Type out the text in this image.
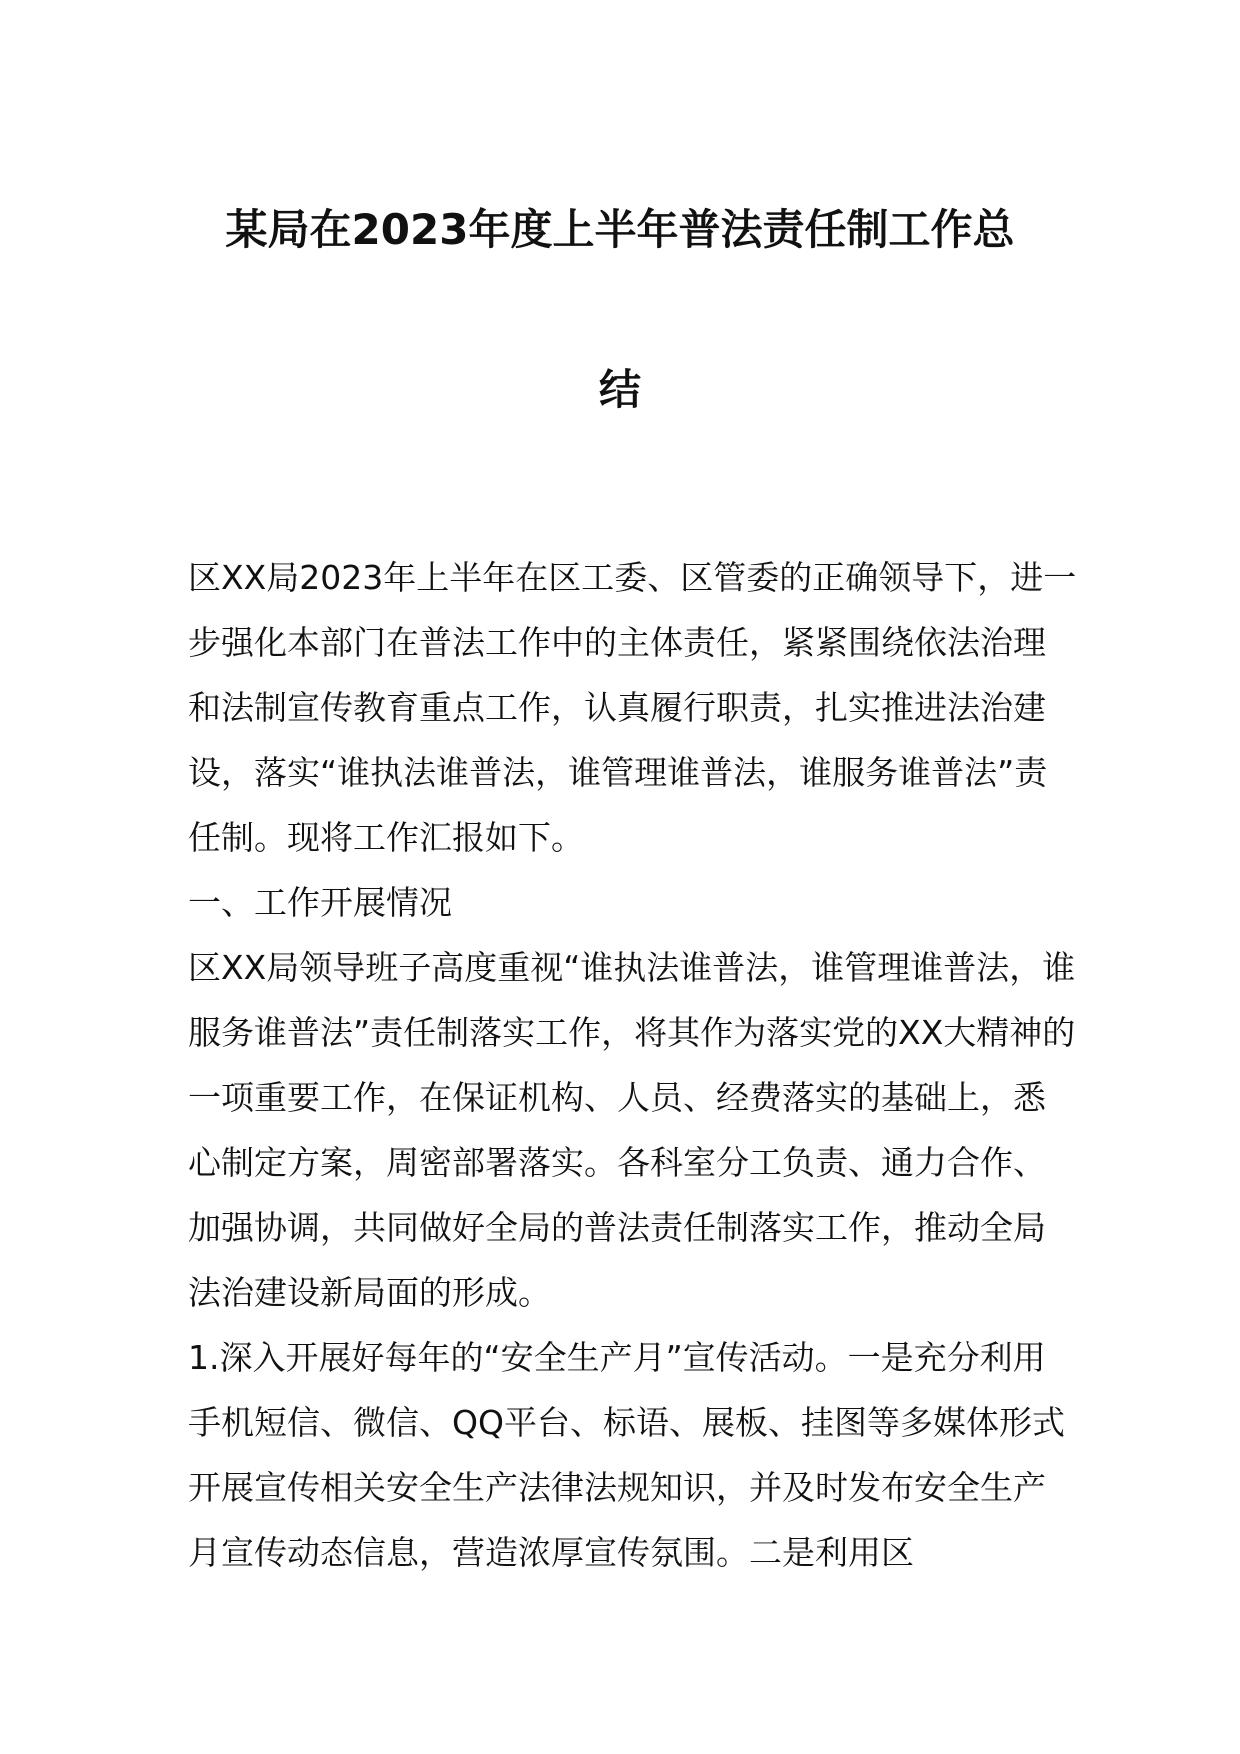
某局在2023年度上半年普法责任制工作总
结

区XX局2023年上半年在区工委、区管委的正确领导下，进一步强化本部门在普法工作中的主体责任，紧紧围绕依法治理和法制宣传教育重点工作，认真履行职责，扎实推进法治建设，落实“谁执法谁普法，谁管理谁普法，谁服务谁普法”责任制。现将工作汇报如下。

一、工作开展情况

区XX局领导班子高度重视“谁执法谁普法，谁管理谁普法，谁服务谁普法”责任制落实工作，将其作为落实党的XX大精神的一项重要工作，在保证机构、人员、经费落实的基础上，悉心制定方案，周密部署落实。各科室分工负责、通力合作、加强协调，共同做好全局的普法责任制落实工作，推动全局法治建设新局面的形成。

1.深入开展好每年的“安全生产月”宣传活动。一是充分利用手机短信、微信、QQ平台、标语、展板、挂图等多媒体形式开展宣传相关安全生产法律法规知识，并及时发布安全生产月宣传动态信息，营造浓厚宣传氛围。二是利用区
